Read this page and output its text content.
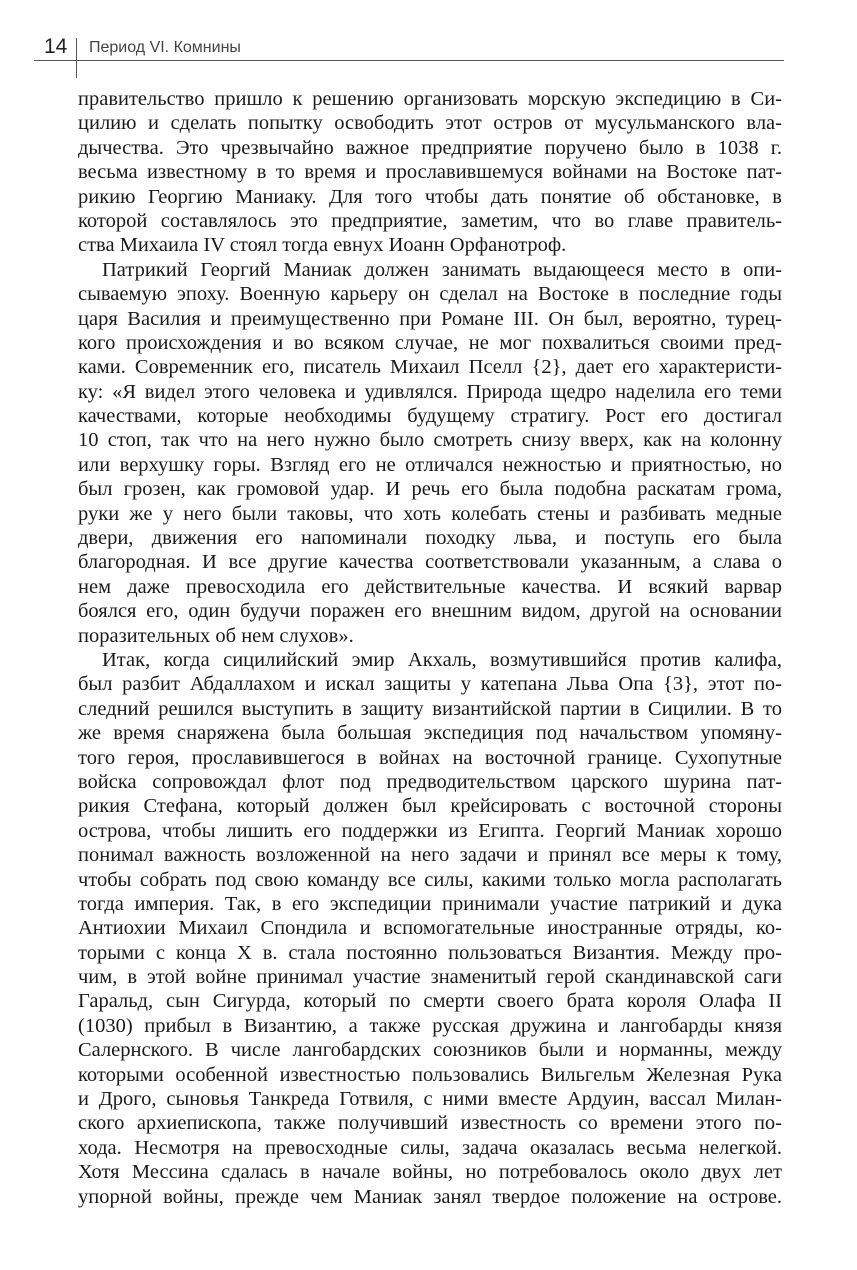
14 Период VI. Комнины
правительство пришло к решению организовать морскую экспедицию в Си-
цилию и сделать попытку освободить этот остров от мусульманского вла-
дычества. Это чрезвычайно важное предприятие поручено было в 1038 г.
весьма известному в то время и прославившемуся войнами на Востоке пат-
рикию Георгию Маниаку. Для того чтобы дать понятие об обстановке, в
которой составлялось это предприятие, заметим, что во главе правитель-
ства Михаила IV стоял тогда евнух Иоанн Орфанотроф.
Патрикий Георгий Маниак должен занимать выдающееся место в опи-
сываемую эпоху. Военную карьеру он сделал на Востоке в последние годы
царя Василия и преимущественно при Романе III. Он был, вероятно, турец-
кого происхождения и во всяком случае, не мог похвалиться своими пред-
ками. Современник его, писатель Михаил Пселл {2}, дает его характеристи-
ку: «Я видел этого человека и удивлялся. Природа щедро наделила его теми
качествами, которые необходимы будущему стратигу. Рост его достигал
10 стоп, так что на него нужно было смотреть снизу вверх, как на колонну
или верхушку горы. Взгляд его не отличался нежностью и приятностью, но
был грозен, как громовой удар. И речь его была подобна раскатам грома,
руки же у него были таковы, что хоть колебать стены и разбивать медные
двери, движения его напоминали походку льва, и поступь его была
благородная. И все другие качества соответствовали указанным, а слава о
нем даже превосходила его действительные качества. И всякий варвар
боялся его, один будучи поражен его внешним видом, другой на основании
поразительных об нем слухов».
Итак, когда сицилийский эмир Акхаль, возмутившийся против калифа,
был разбит Абдаллахом и искал защиты у катепана Льва Опа {3}, этот по-
следний решился выступить в защиту византийской партии в Сицилии. В то
же время снаряжена была большая экспедиция под начальством упомяну-
того героя, прославившегося в войнах на восточной границе. Сухопутные
войска сопровождал флот под предводительством царского шурина пат-
рикия Стефана, который должен был крейсировать с восточной стороны
острова, чтобы лишить его поддержки из Египта. Георгий Маниак хорошо
понимал важность возложенной на него задачи и принял все меры к тому,
чтобы собрать под свою команду все силы, какими только могла располагать
тогда империя. Так, в его экспедиции принимали участие патрикий и дука
Антиохии Михаил Спондила и вспомогательные иностранные отряды, ко-
торыми с конца X в. стала постоянно пользоваться Византия. Между про-
чим, в этой войне принимал участие знаменитый герой скандинавской саги
Гаральд, сын Сигурда, который по смерти своего брата короля Олафа II
(1030) прибыл в Византию, а также русская дружина и лангобарды князя
Салернского. В числе лангобардских союзников были и норманны, между
которыми особенной известностью пользовались Вильгельм Железная Рука
и Дрого, сыновья Танкреда Готвиля, с ними вместе Ардуин, вассал Милан-
ского архиепископа, также получивший известность со времени этого по-
хода. Несмотря на превосходные силы, задача оказалась весьма нелегкой.
Хотя Мессина сдалась в начале войны, но потребовалось около двух лет
упорной войны, прежде чем Маниак занял твердое положение на острове.
